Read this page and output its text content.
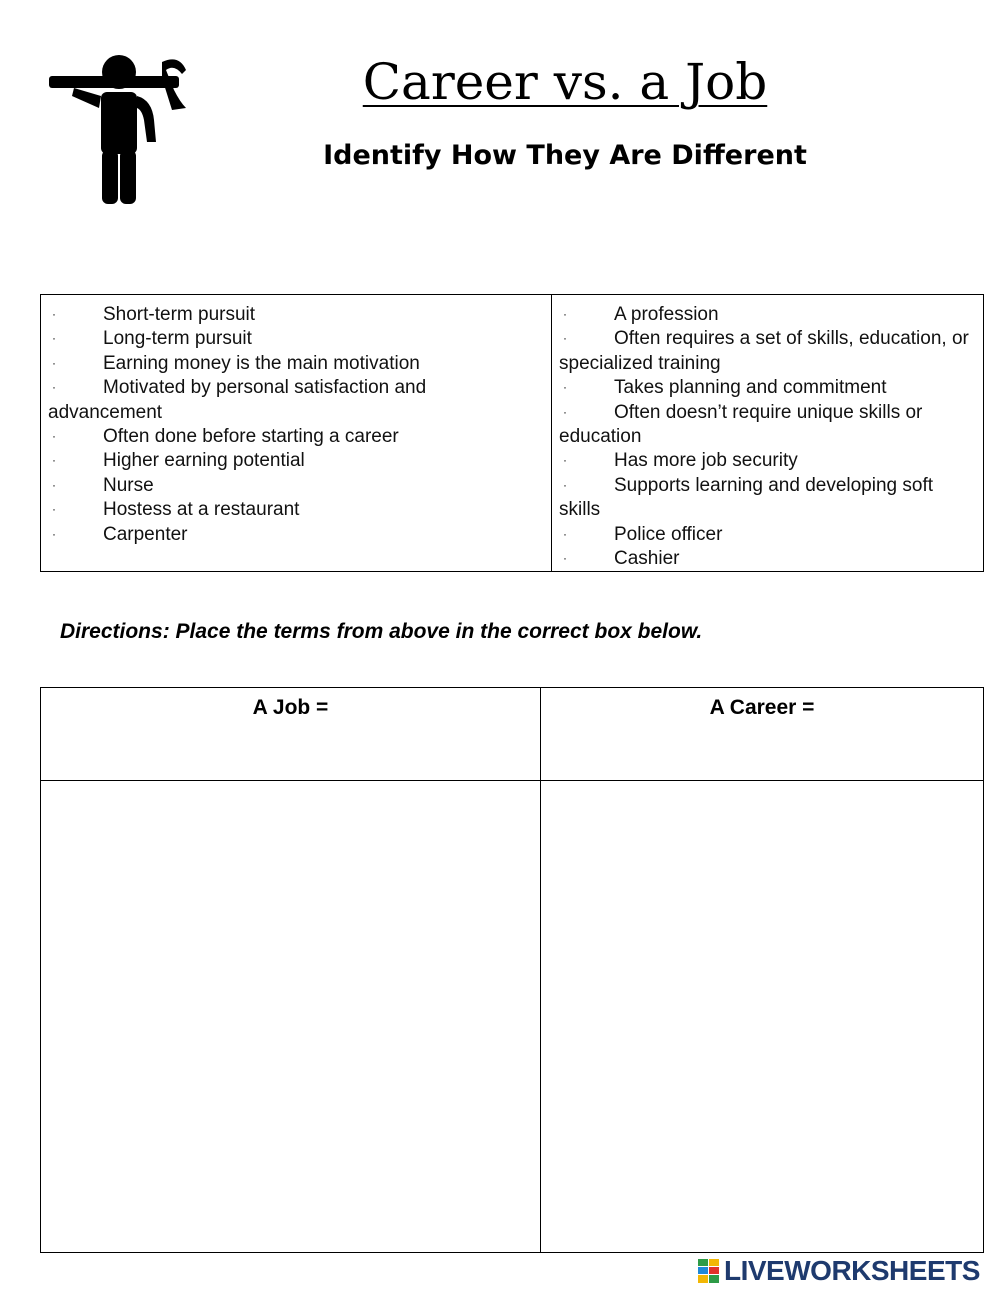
Career vs. a Job
Identify How They Are Different
· Short-term pursuit
· Long-term pursuit
· Earning money is the main motivation
· Motivated by personal satisfaction and advancement
· Often done before starting a career
· Higher earning potential
· Nurse
· Hostess at a restaurant
· Carpenter

· A profession
· Often requires a set of skills, education, or specialized training
· Takes planning and commitment
· Often doesn’t require unique skills or education
· Has more job security
· Supports learning and developing soft skills
· Police officer
· Cashier
Directions: Place the terms from above in the correct box below.
A Job =	A Career =

LIVEWORKSHEETS
